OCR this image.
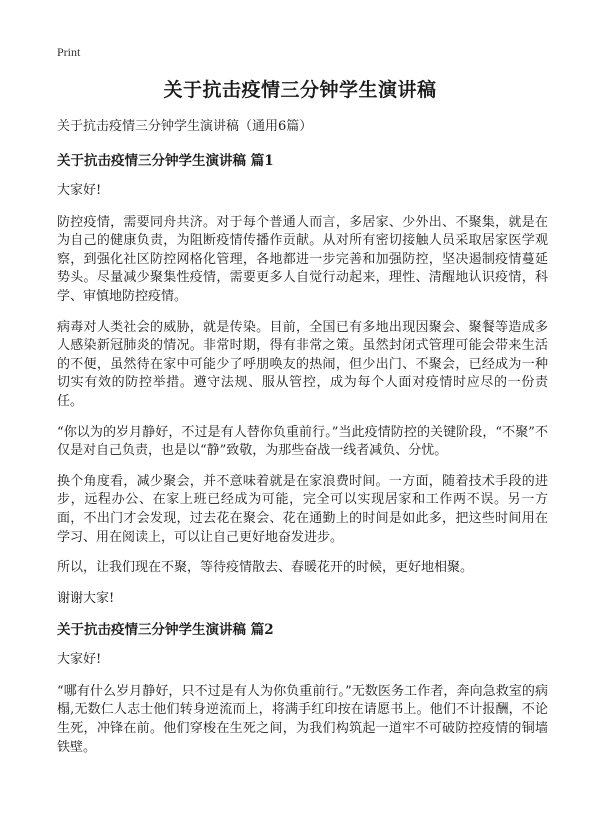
Print
关于抗击疫情三分钟学生演讲稿

关于抗击疫情三分钟学生演讲稿（通用6篇）

关于抗击疫情三分钟学生演讲稿 篇1

大家好!

防控疫情，需要同舟共济。对于每个普通人而言，多居家、少外出、不聚集，就是在为自己的健康负责，为阻断疫情传播作贡献。从对所有密切接触人员采取居家医学观察，到强化社区防控网格化管理，各地都进一步完善和加强防控，坚决遏制疫情蔓延势头。尽量减少聚集性疫情，需要更多人自觉行动起来，理性、清醒地认识疫情，科学、审慎地防控疫情。

病毒对人类社会的威胁，就是传染。目前，全国已有多地出现因聚会、聚餐等造成多人感染新冠肺炎的情况。非常时期，得有非常之策。虽然封闭式管理可能会带来生活的不便，虽然待在家中可能少了呼朋唤友的热闹，但少出门、不聚会，已经成为一种切实有效的防控举措。遵守法规、服从管控，成为每个人面对疫情时应尽的一份责任。

“你以为的岁月静好，不过是有人替你负重前行。”当此疫情防控的关键阶段，“不聚”不仅是对自己负责，也是以“静”致敬，为那些奋战一线者减负、分忧。

换个角度看，减少聚会，并不意味着就是在家浪费时间。一方面，随着技术手段的进步，远程办公、在家上班已经成为可能，完全可以实现居家和工作两不误。另一方面，不出门才会发现，过去花在聚会、花在通勤上的时间是如此多，把这些时间用在学习、用在阅读上，可以让自己更好地奋发进步。

所以，让我们现在不聚，等待疫情散去、春暖花开的时候，更好地相聚。

谢谢大家!

关于抗击疫情三分钟学生演讲稿 篇2

大家好!

“哪有什么岁月静好，只不过是有人为你负重前行。”无数医务工作者，奔向急救室的病榻,无数仁人志士他们转身逆流而上，将满手红印按在请愿书上。他们不计报酬，不论生死，冲锋在前。他们穿梭在生死之间，为我们构筑起一道牢不可破防控疫情的铜墙铁壁。
